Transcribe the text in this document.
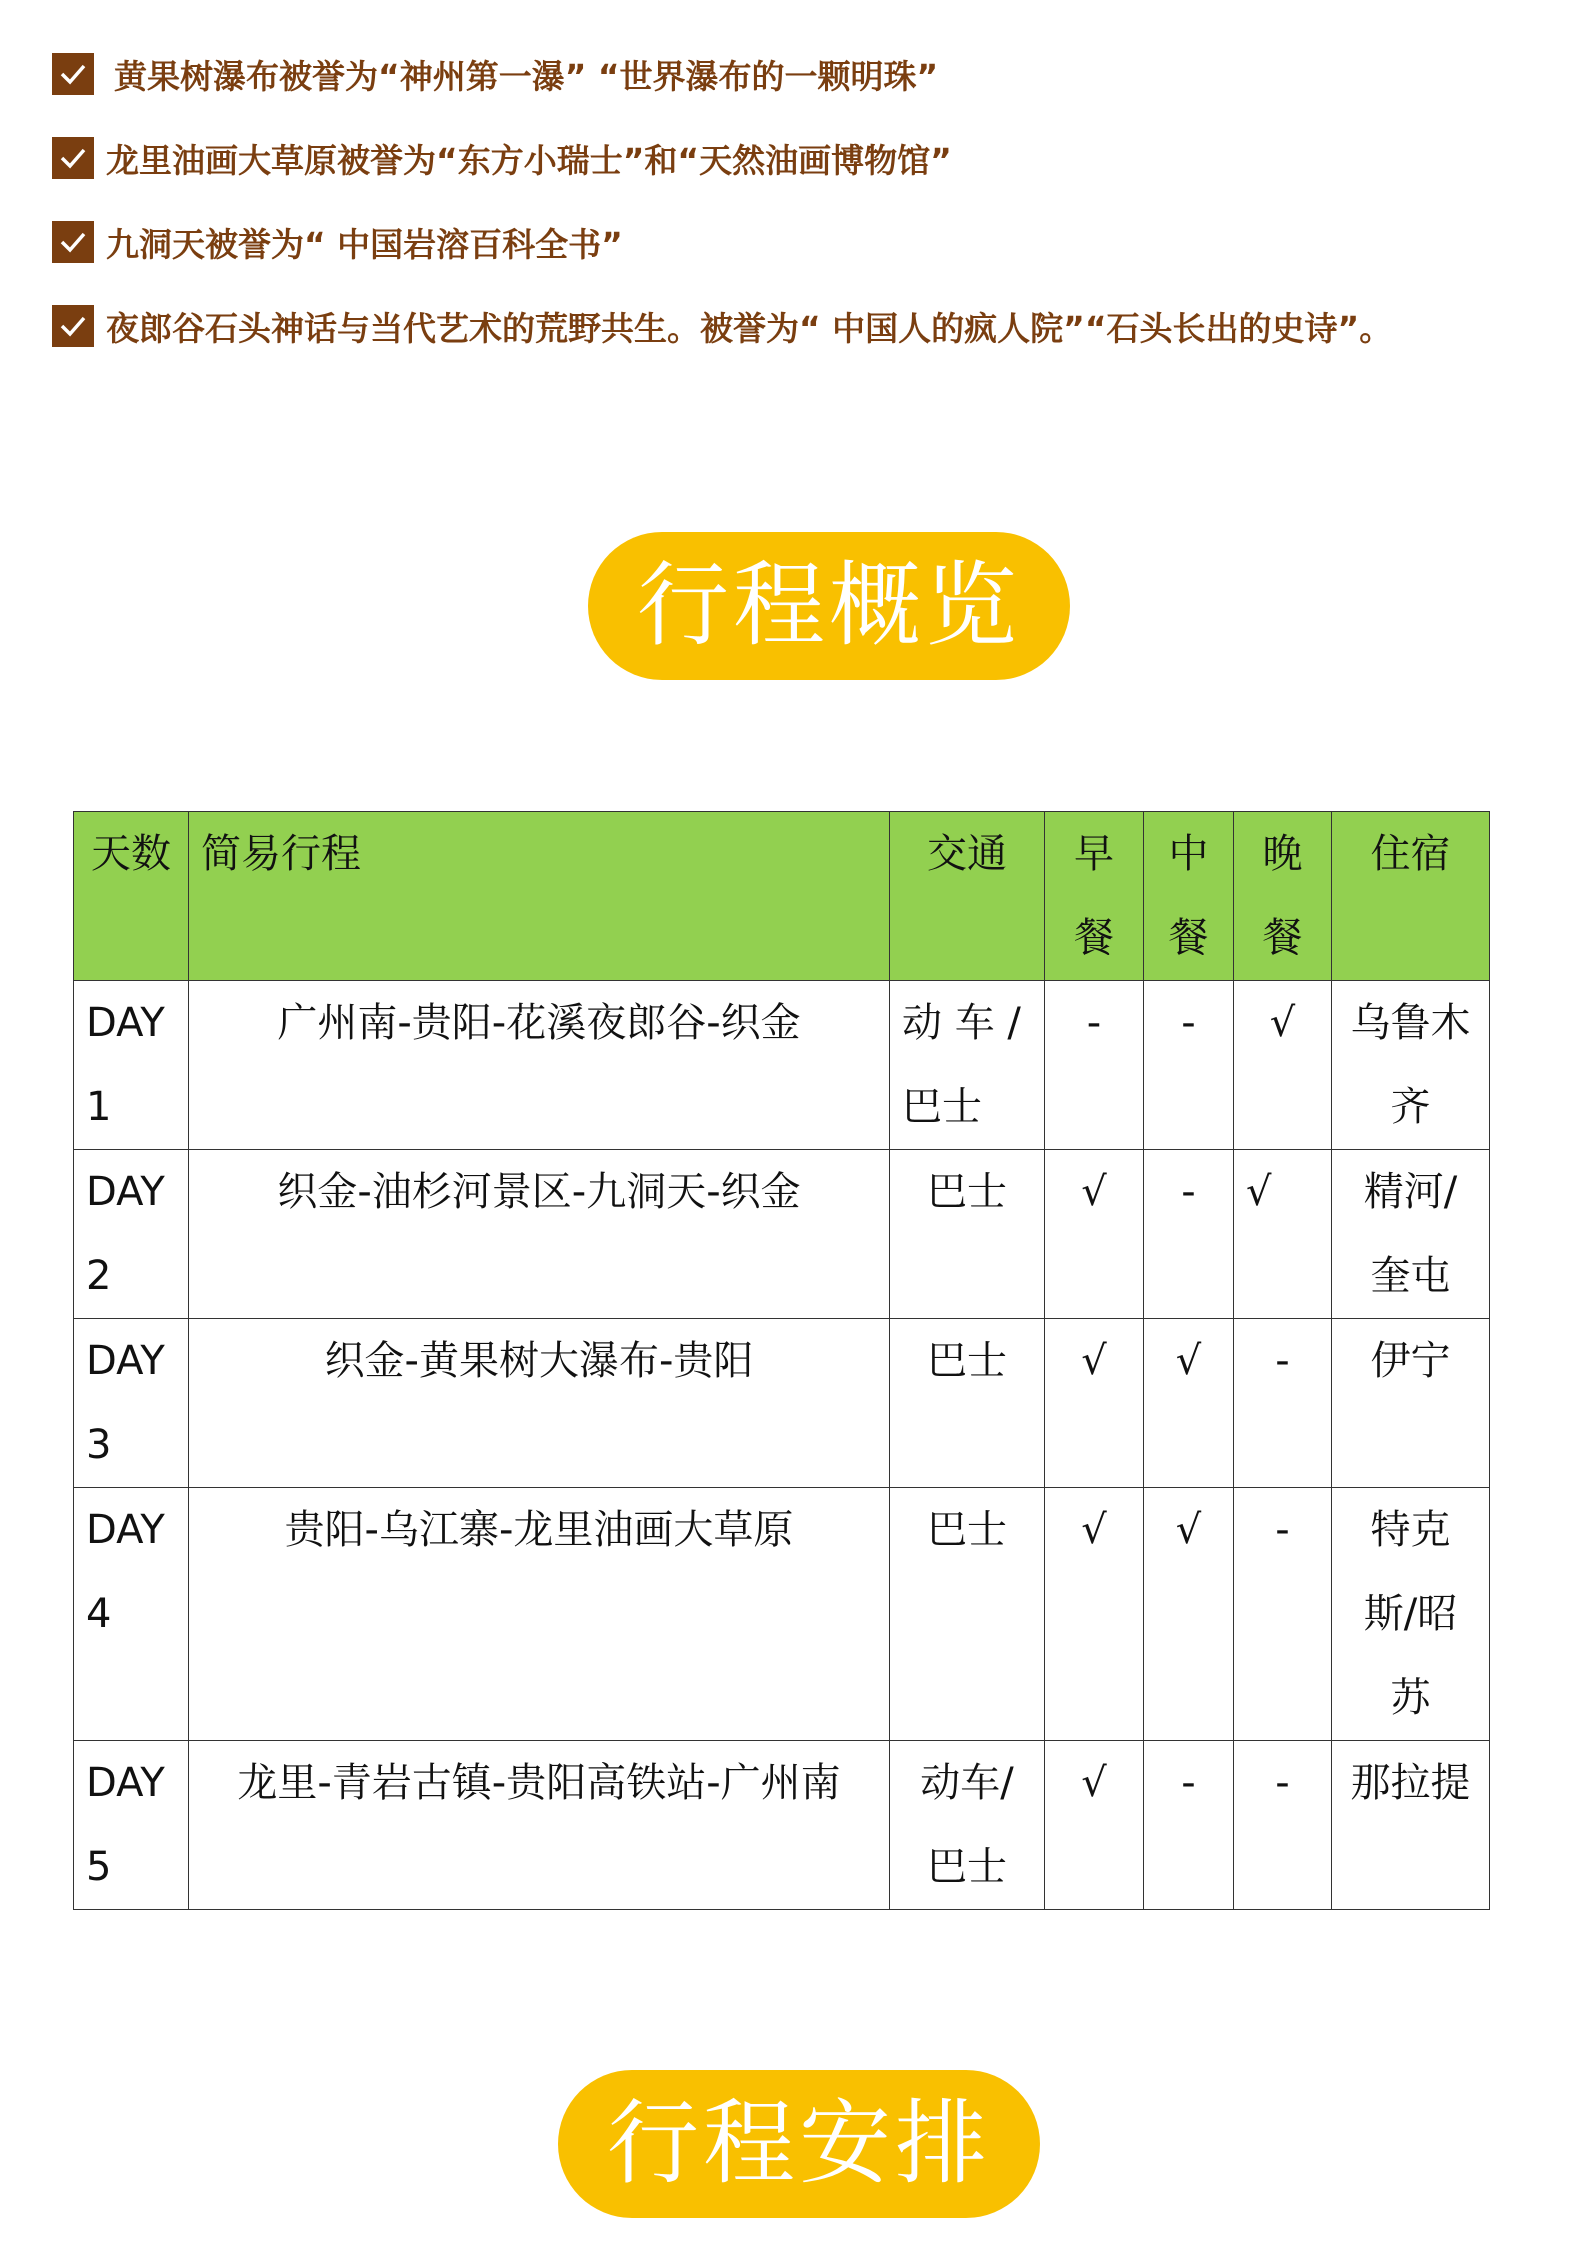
黄果树瀑布被誉为“神州第一瀑” “世界瀑布的一颗明珠”
龙里油画大草原被誉为“东方小瑞士”和“天然油画博物馆”
九洞天被誉为“ 中国岩溶百科全书”
夜郎谷石头神话与当代艺术的荒野共生。被誉为“ 中国人的疯人院”“石头长出的史诗”。
行程概览
天数	简易行程	交通	早餐	中餐	晚餐	住宿

DAY1	广州南-贵阳-花溪夜郎谷-织金	动 车 / 巴士	-	-	√	乌鲁木齐

DAY2	织金-油杉河景区-九洞天-织金	巴士	√	-	√	精河/奎屯

DAY3	织金-黄果树大瀑布-贵阳	巴士	√	√	-	伊宁

DAY4	贵阳-乌江寨-龙里油画大草原	巴士	√	√	-	特克斯/昭苏

DAY5	龙里-青岩古镇-贵阳高铁站-广州南	动车/巴士	√	-	-	那拉提
行程安排
